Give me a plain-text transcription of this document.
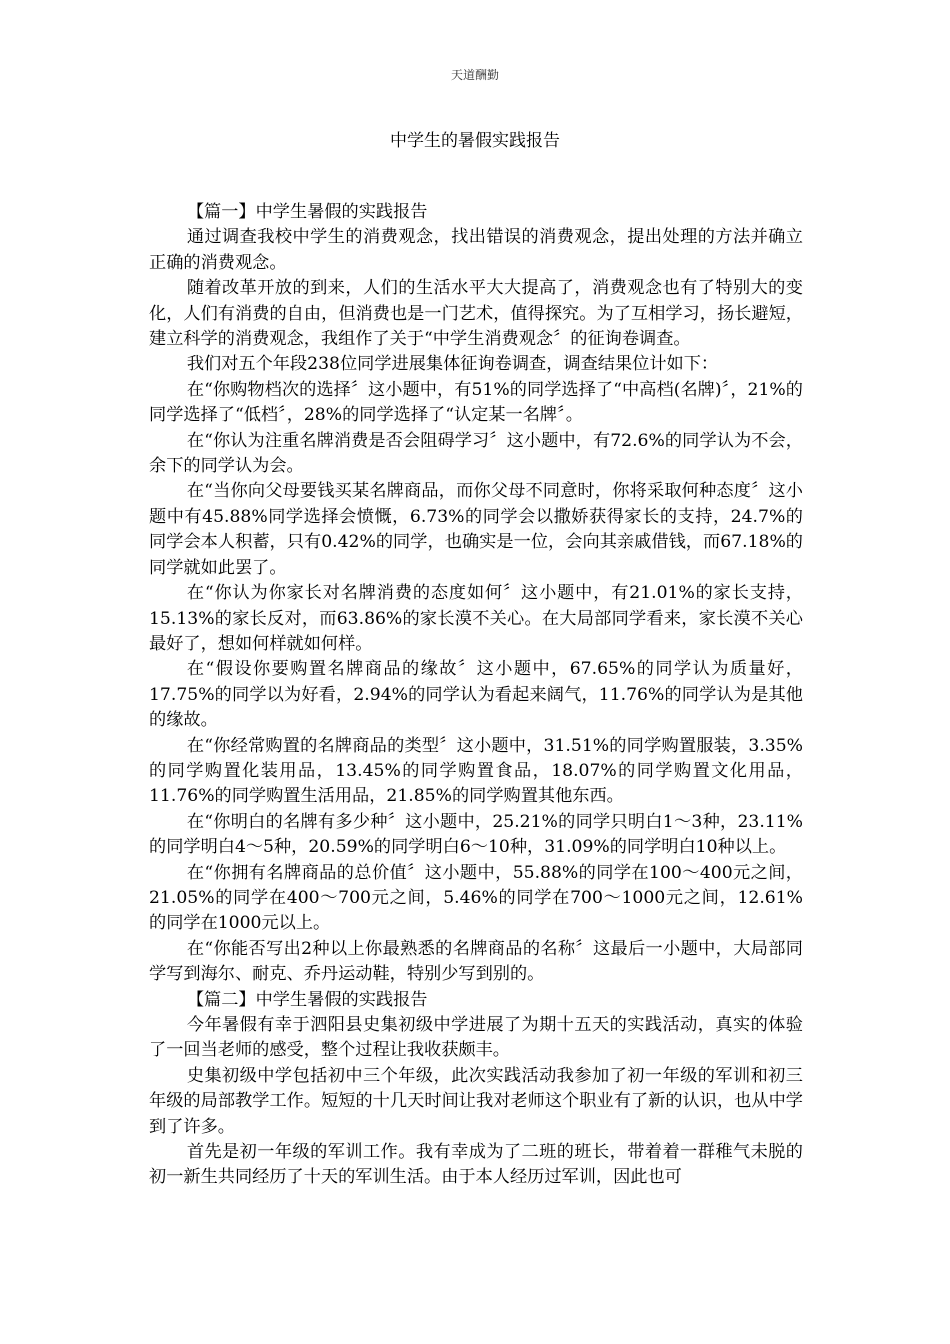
天道酬勤
中学生的暑假实践报告

【篇一】中学生暑假的实践报告

通过调查我校中学生的消费观念，找出错误的消费观念，提出处理的方法并确立正确的消费观念。

随着改革开放的到来，人们的生活水平大大提高了，消费观念也有了特别大的变化，人们有消费的自由，但消费也是一门艺术，值得探究。为了互相学习，扬长避短，建立科学的消费观念，我组作了关于“中学生消费观念〞的征询卷调查。

我们对五个年段238位同学进展集体征询卷调查，调查结果位计如下：

在“你购物档次的选择〞这小题中，有51%的同学选择了“中高档(名牌)〞，21%的同学选择了“低档〞，28%的同学选择了“认定某一名牌〞。

在“你认为注重名牌消费是否会阻碍学习〞这小题中，有72.6%的同学认为不会，余下的同学认为会。

在“当你向父母要钱买某名牌商品，而你父母不同意时，你将采取何种态度〞这小题中有45.88%同学选择会愤慨，6.73%的同学会以撒娇获得家长的支持，24.7%的同学会本人积蓄，只有0.42%的同学，也确实是一位，会向其亲戚借钱，而67.18%的同学就如此罢了。

在“你认为你家长对名牌消费的态度如何〞这小题中，有21.01%的家长支持，15.13%的家长反对，而63.86%的家长漠不关心。在大局部同学看来，家长漠不关心最好了，想如何样就如何样。

在“假设你要购置名牌商品的缘故〞这小题中，67.65%的同学认为质量好，17.75%的同学以为好看，2.94%的同学认为看起来阔气，11.76%的同学认为是其他的缘故。

在“你经常购置的名牌商品的类型〞这小题中，31.51%的同学购置服装，3.35%的同学购置化装用品，13.45%的同学购置食品，18.07%的同学购置文化用品，11.76%的同学购置生活用品，21.85%的同学购置其他东西。

在“你明白的名牌有多少种〞这小题中，25.21%的同学只明白1～3种，23.11%的同学明白4～5种，20.59%的同学明白6～10种，31.09%的同学明白10种以上。

在“你拥有名牌商品的总价值〞这小题中，55.88%的同学在100～400元之间，21.05%的同学在400～700元之间，5.46%的同学在700～1000元之间，12.61%的同学在1000元以上。

在“你能否写出2种以上你最熟悉的名牌商品的名称〞这最后一小题中，大局部同学写到海尔、耐克、乔丹运动鞋，特别少写到别的。

【篇二】中学生暑假的实践报告

今年暑假有幸于泗阳县史集初级中学进展了为期十五天的实践活动，真实的体验了一回当老师的感受，整个过程让我收获颇丰。

史集初级中学包括初中三个年级，此次实践活动我参加了初一年级的军训和初三年级的局部教学工作。短短的十几天时间让我对老师这个职业有了新的认识，也从中学到了许多。

首先是初一年级的军训工作。我有幸成为了二班的班长，带着着一群稚气未脱的初一新生共同经历了十天的军训生活。由于本人经历过军训，因此也可
